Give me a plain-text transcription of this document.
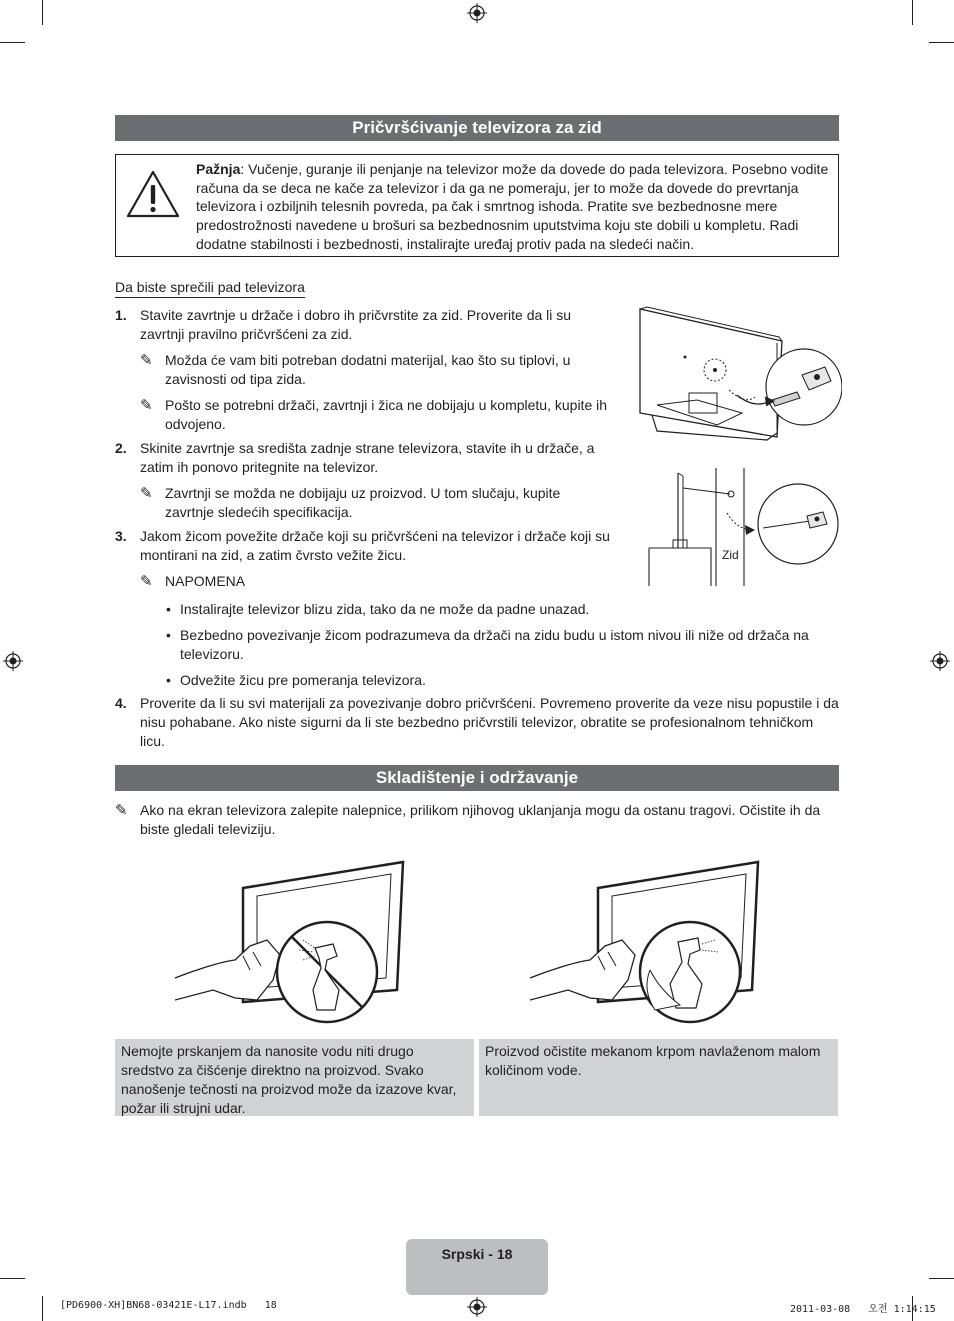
Pričvršćivanje televizora za zid
Pažnja: Vučenje, guranje ili penjanje na televizor može da dovede do pada televizora. Posebno vodite računa da se deca ne kače za televizor i da ga ne pomeraju, jer to može da dovede do prevrtanja televizora i ozbiljnih telesnih povreda, pa čak i smrtnog ishoda. Pratite sve bezbednosne mere predostrožnosti navedene u brošuri sa bezbednosnim uputstvima koju ste dobili u kompletu. Radi dodatne stabilnosti i bezbednosti, instalirajte uređaj protiv pada na sledeći način.
Da biste sprečili pad televizora
1. Stavite zavrtnje u držače i dobro ih pričvrstite za zid. Proverite da li su zavrtnji pravilno pričvršćeni za zid.
✎ Možda će vam biti potreban dodatni materijal, kao što su tiplovi, u zavisnosti od tipa zida.
✎ Pošto se potrebni držači, zavrtnji i žica ne dobijaju u kompletu, kupite ih odvojeno.
2. Skinite zavrtnje sa središta zadnje strane televizora, stavite ih u držače, a zatim ih ponovo pritegnite na televizor.
✎ Zavrtnji se možda ne dobijaju uz proizvod. U tom slučaju, kupite zavrtnje sledećih specifikacija.
3. Jakom žicom povežite držače koji su pričvršćeni na televizor i držače koji su montirani na zid, a zatim čvrsto vežite žicu.
✎ NAPOMENA
• Instalirajte televizor blizu zida, tako da ne može da padne unazad.
• Bezbedno povezivanje žicom podrazumeva da držači na zidu budu u istom nivou ili niže od držača na televizoru.
• Odvežite žicu pre pomeranja televizora.
4. Proverite da li su svi materijali za povezivanje dobro pričvršćeni. Povremeno proverite da veze nisu popustile i da nisu pohabane. Ako niste sigurni da li ste bezbedno pričvrstili televizor, obratite se profesionalnom tehničkom licu.
Zid
Skladištenje i održavanje
✎ Ako na ekran televizora zalepite nalepnice, prilikom njihovog uklanjanja mogu da ostanu tragovi. Očistite ih da biste gledali televiziju.
Nemojte prskanjem da nanosite vodu niti drugo sredstvo za čišćenje direktno na proizvod. Svako nanošenje tečnosti na proizvod može da izazove kvar, požar ili strujni udar.
Proizvod očistite mekanom krpom navlaženom malom količinom vode.
Srpski - 18
[PD6900-XH]BN68-03421E-L17.indb   18	2011-03-08   오전 1:14:15
